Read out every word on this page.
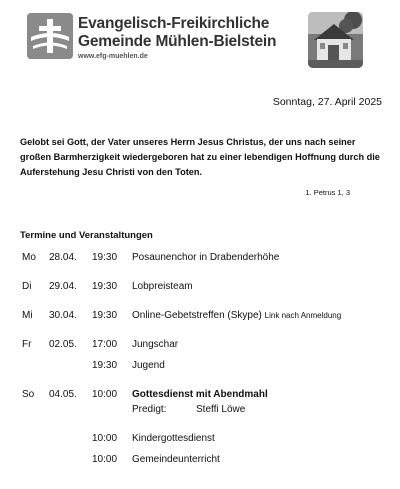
Evangelisch-Freikirchliche
Gemeinde Mühlen-Bielstein
www.efg-muehlen.de
Sonntag, 27. April 2025
Gelobt sei Gott, der Vater unseres Herrn Jesus Christus, der uns nach seiner großen Barmherzigkeit wiedergeboren hat zu einer lebendigen Hoffnung durch die Auferstehung Jesu Christi von den Toten.
1. Petrus 1, 3
Termine und Veranstaltungen
Mo 28.04. 19:30 Posaunenchor in Drabenderhöhe
Di 29.04. 19:30 Lobpreisteam
Mi 30.04. 19:30 Online-Gebetstreffen (Skype) Link nach Anmeldung
Fr 02.05. 17:00 Jungschar
19:30 Jugend
So 04.05. 10:00 Gottesdienst mit Abendmahl
Predigt:	Steffi Löwe
10:00 Kindergottesdienst
10:00 Gemeindeunterricht
